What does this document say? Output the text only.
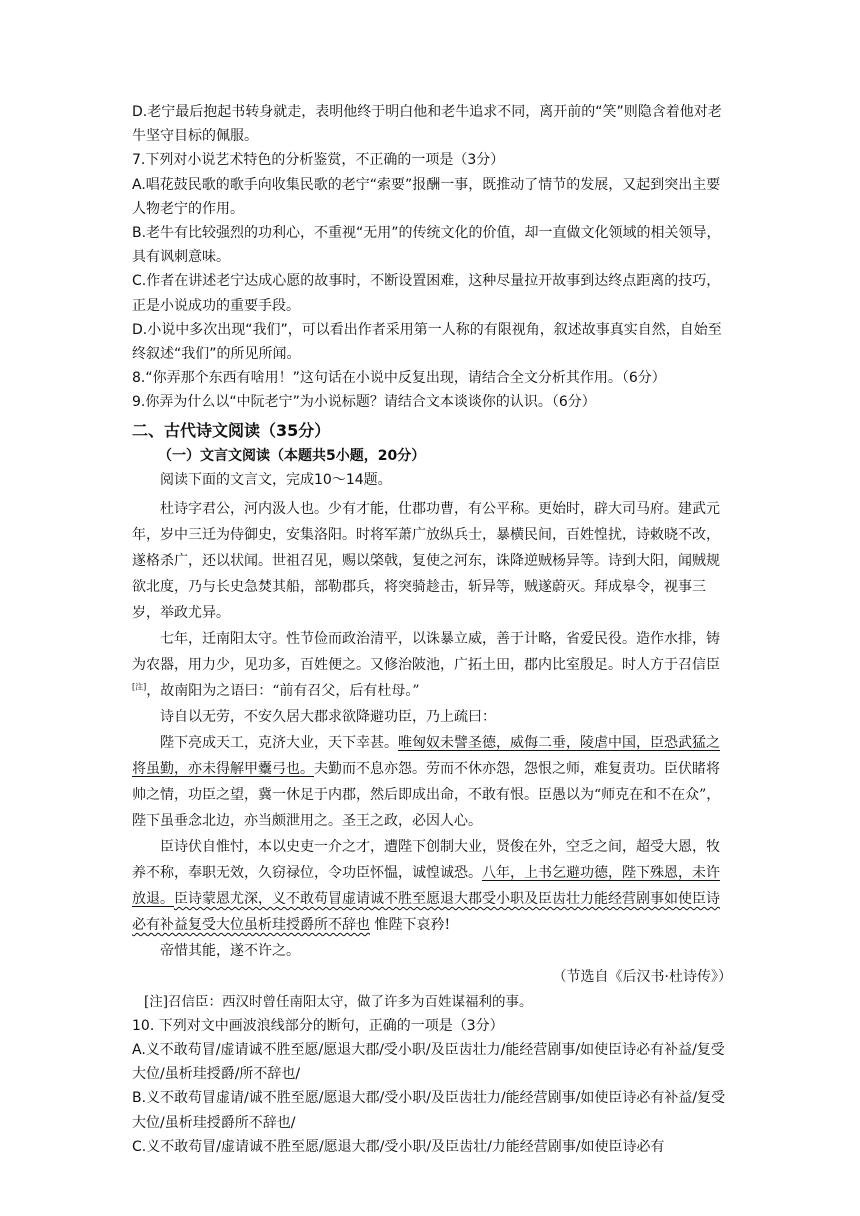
D.老宁最后抱起书转身就走，表明他终于明白他和老牛追求不同，离开前的“笑”则隐含着他对老牛坚守目标的佩服。

7.下列对小说艺术特色的分析鉴赏，不正确的一项是（3分）

A.唱花鼓民歌的歌手向收集民歌的老宁“索要”报酬一事，既推动了情节的发展，又起到突出主要人物老宁的作用。

B.老牛有比较强烈的功利心，不重视“无用”的传统文化的价值，却一直做文化领域的相关领导，具有讽刺意味。

C.作者在讲述老宁达成心愿的故事时，不断设置困难，这种尽量拉开故事到达终点距离的技巧，正是小说成功的重要手段。

D.小说中多次出现“我们”，可以看出作者采用第一人称的有限视角，叙述故事真实自然，自始至终叙述“我们”的所见所闻。

8.“你弄那个东西有啥用！”这句话在小说中反复出现，请结合全文分析其作用。（6分）

9.你弄为什么以“中阮老宁”为小说标题？请结合文本谈谈你的认识。（6分）

二、古代诗文阅读（35分）

（一）文言文阅读（本题共5小题，20分）

阅读下面的文言文，完成10～14题。

杜诗字君公，河内汲人也。少有才能，仕郡功曹，有公平称。更始时，辟大司马府。建武元年，岁中三迁为侍御史，安集洛阳。时将军萧广放纵兵士，暴横民间，百姓惶扰，诗敕晓不改，遂格杀广，还以状闻。世祖召见，赐以棨戟，复使之河东，诛降逆贼杨异等。诗到大阳，闻贼规欲北度，乃与长史急焚其船，部勒郡兵，将突骑趁击，斩异等，贼遂蔚灭。拜成皋令，视事三岁，举政尤异。

七年，迁南阳太守。性节俭而政治清平，以诛暴立威，善于计略，省爱民役。造作水排，铸为农器，用力少，见功多，百姓便之。又修治陂池，广拓土田，郡内比室殷足。时人方于召信臣[注]，故南阳为之语曰：“前有召父，后有杜母。”

诗自以无劳，不安久居大郡求欲降避功臣，乃上疏曰：

陛下亮成天工，克济大业，天下幸甚。唯匈奴未譬圣德，威侮二垂，陵虐中国，臣恐武猛之将虽勤，亦未得解甲櫜弓也。夫勤而不息亦怨。劳而不休亦怨，怨恨之师，难复责功。臣伏睹将帅之情，功臣之望，冀一休足于内郡，然后即成出命，不敢有恨。臣愚以为“师克在和不在众”，陛下虽垂念北边，亦当颇泄用之。圣王之政，必因人心。

臣诗伏自惟忖，本以史吏一介之才，遭陛下创制大业，贤俊在外，空乏之间，超受大恩，牧养不称，奉职无效，久窃禄位，令功臣怀愠，诚惶诚恐。八年，上书乞避功德，陛下殊恩，未许放退。臣诗蒙恩尤深，义不敢苟冒虚请诚不胜至愿退大郡受小职及臣齿壮力能经营剧事如使臣诗必有补益复受大位虽析珪授爵所不辞也 惟陛下哀矜!

帝惜其能，遂不许之。

（节选自《后汉书·杜诗传》）

[注]召信臣：西汉时曾任南阳太守，做了许多为百姓谋福利的事。

10. 下列对文中画波浪线部分的断句，正确的一项是（3分）

A.义不敢苟冒/虚请诚不胜至愿/愿退大郡/受小职/及臣齿壮力/能经营剧事/如使臣诗必有补益/复受大位/虽析珪授爵/所不辞也/

B.义不敢苟冒虚请/诚不胜至愿/愿退大郡/受小职/及臣齿壮力/能经营剧事/如使臣诗必有补益/复受大位/虽析珪授爵所不辞也/

C.义不敢苟冒/虚请诚不胜至愿/愿退大郡/受小职/及臣齿壮/力能经营剧事/如使臣诗必有
